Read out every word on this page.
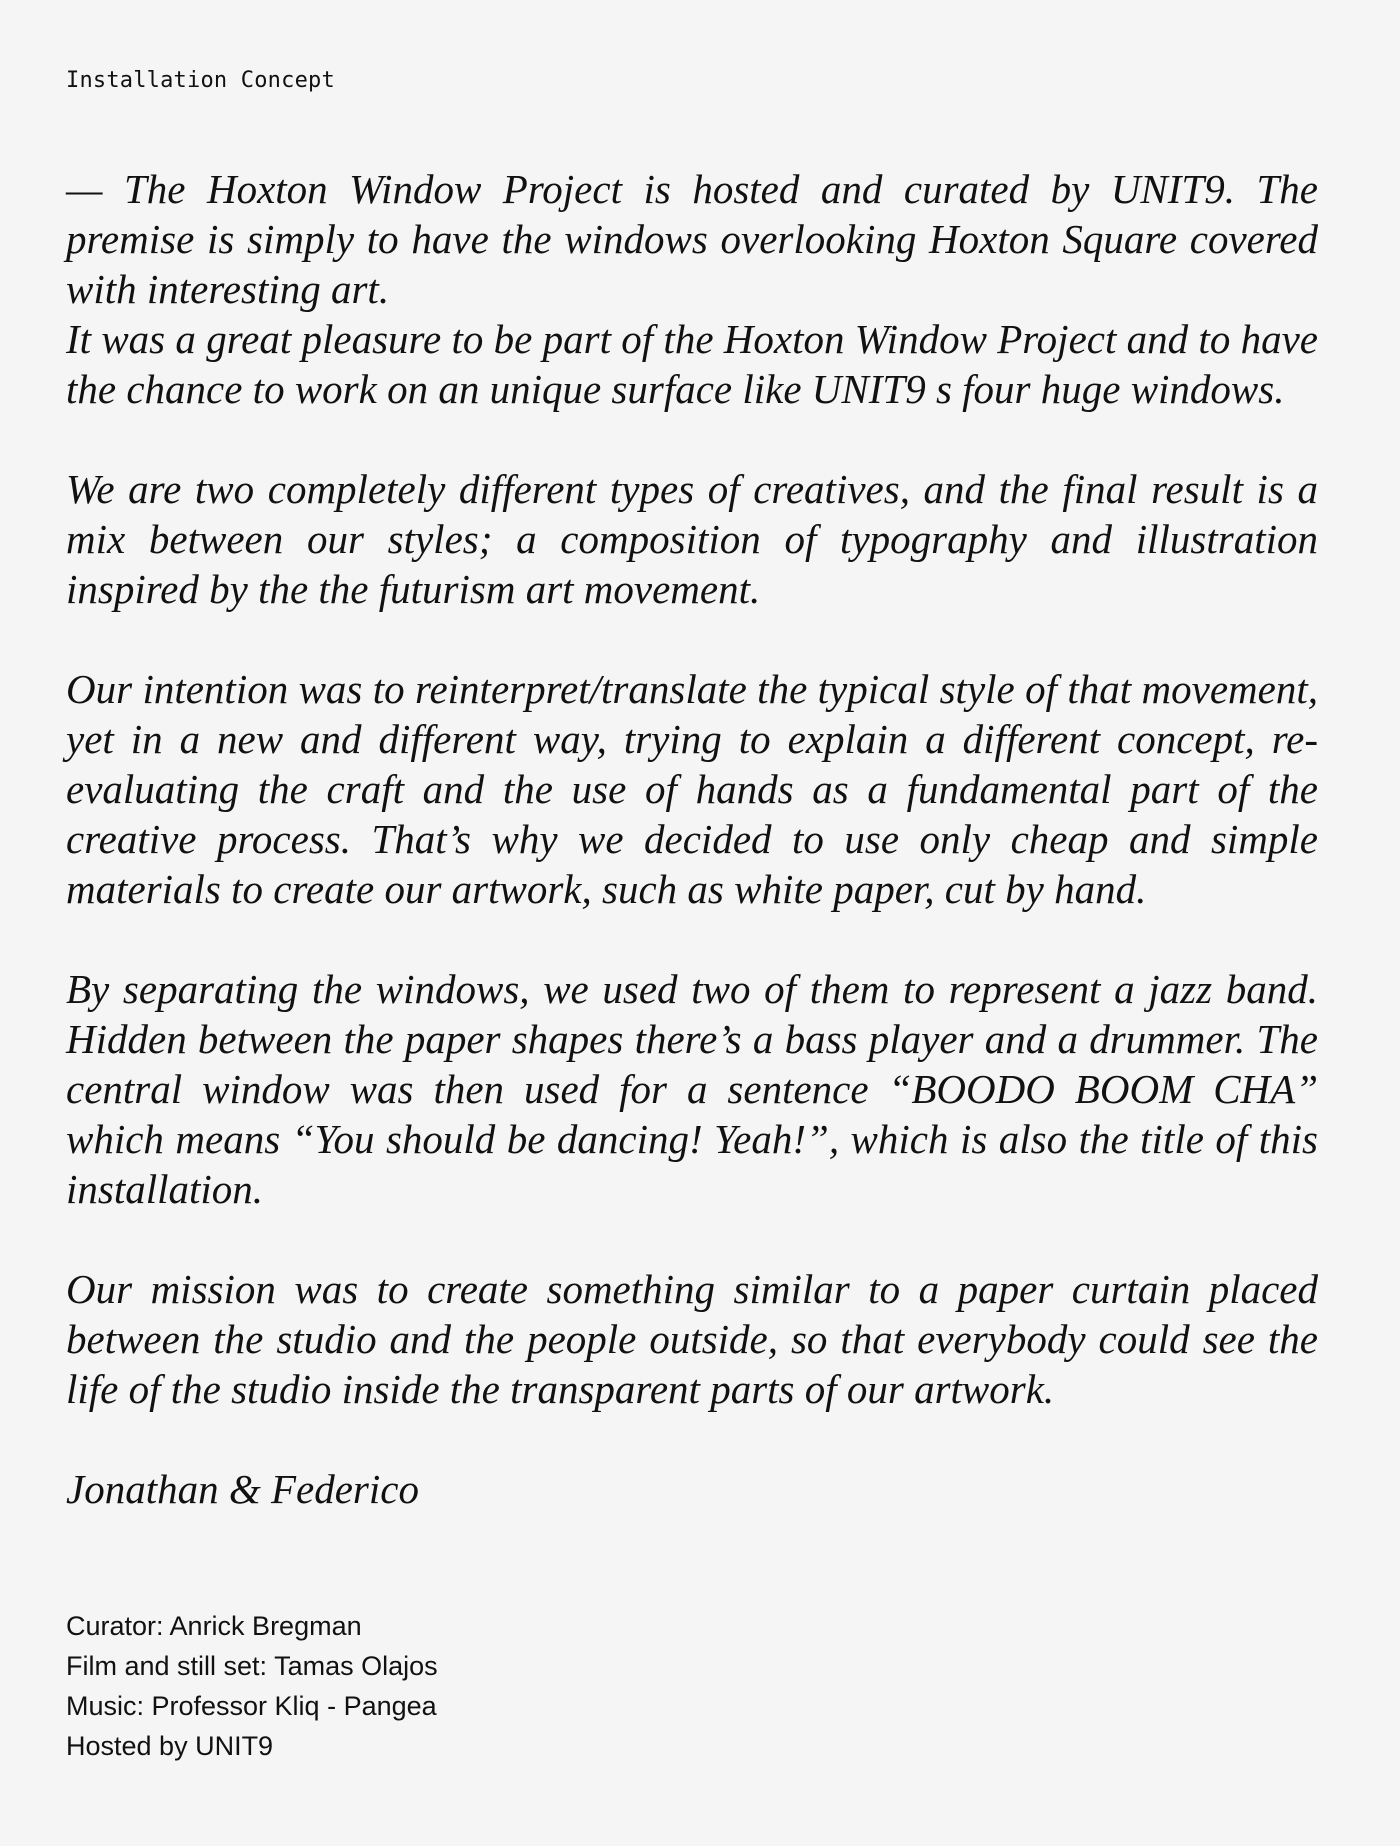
Installation Concept

— The Hoxton Window Project is hosted and curated by UNIT9. The premise is simply to have the windows overlooking Hoxton Square covered with interesting art.

It was a great pleasure to be part of the Hoxton Window Project and to have the chance to work on an unique surface like UNIT9 s four huge windows.

We are two completely different types of creatives, and the final result is a mix between our styles; a composition of typography and illustration inspired by the the futurism art movement.

Our intention was to reinterpret/translate the typical style of that movement, yet in a new and different way, trying to explain a different concept, re-evaluating the craft and the use of hands as a fundamental part of the creative process. That’s why we decided to use only cheap and simple materials to create our artwork, such as white paper, cut by hand.

By separating the windows, we used two of them to represent a jazz band. Hidden between the paper shapes there’s a bass player and a drummer. The central window was then used for a sentence “BOODO BOOM CHA” which means “You should be dancing! Yeah!”, which is also the title of this installation.

Our mission was to create something similar to a paper curtain placed between the studio and the people outside, so that everybody could see the life of the studio inside the transparent parts of our artwork.

Jonathan & Federico

Curator: Anrick Bregman
Film and still set: Tamas Olajos
Music: Professor Kliq - Pangea
Hosted by UNIT9
